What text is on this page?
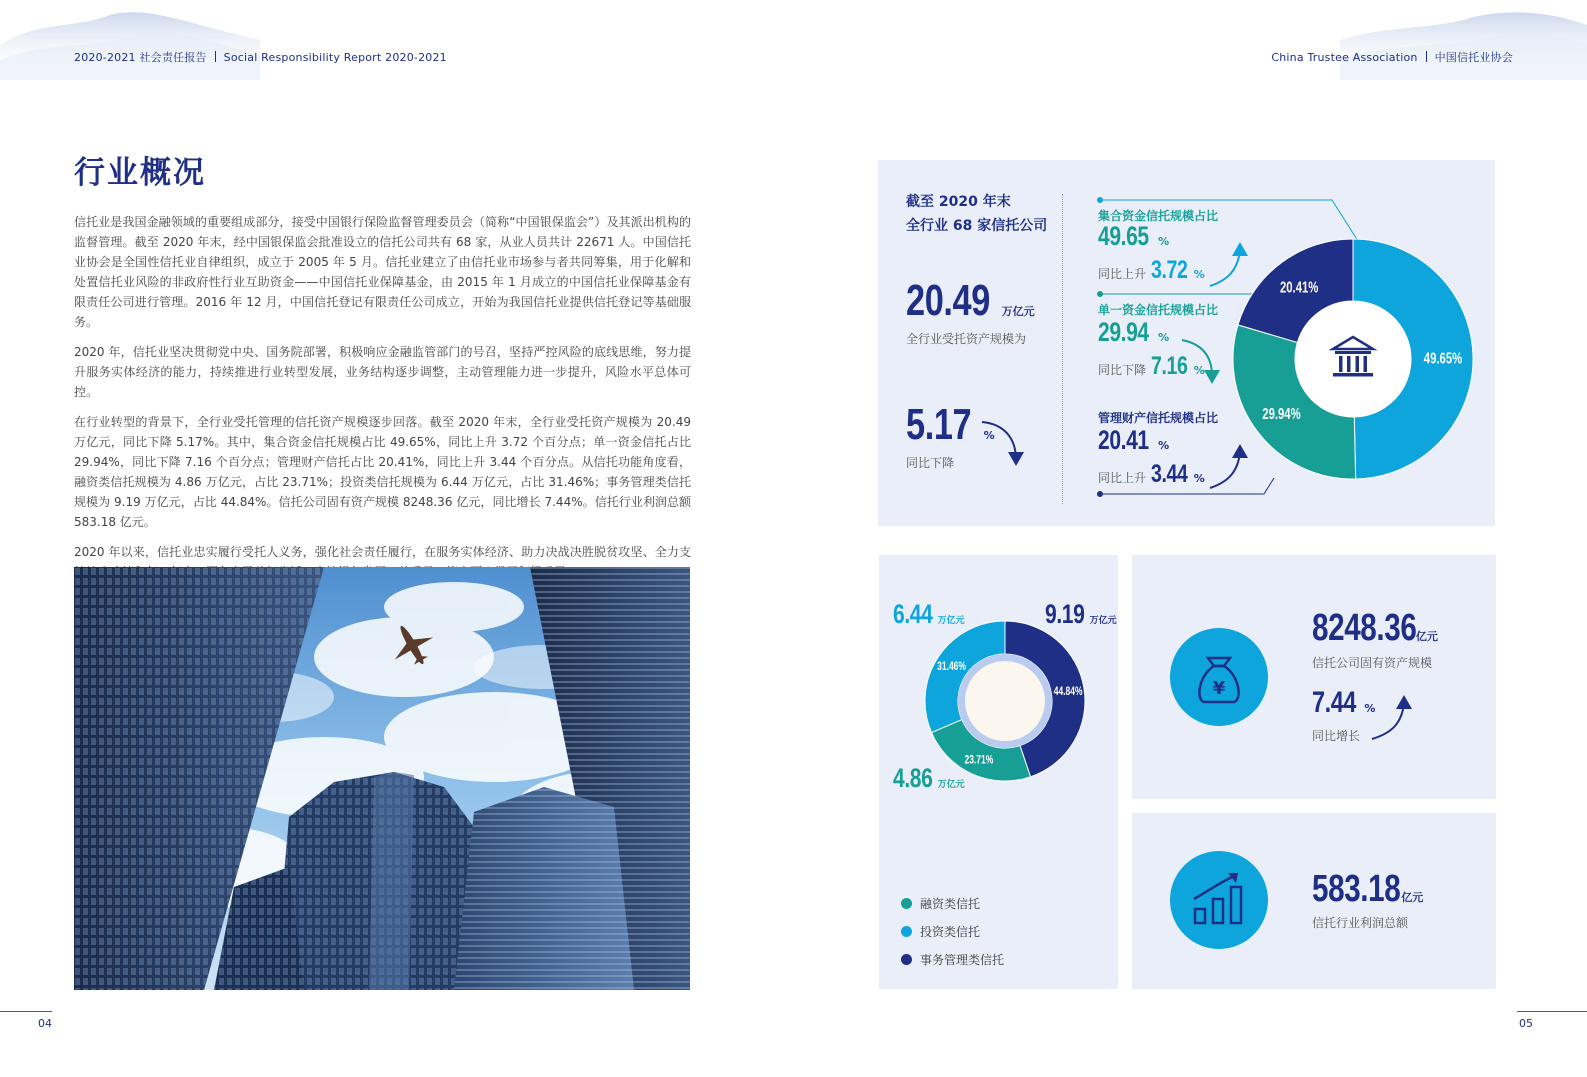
2020-2021 社会责任报告 Social Responsibility Report 2020-2021	China Trustee Association 中国信托业协会
行业概况

信托业是我国金融领域的重要组成部分，接受中国银行保险监督管理委员会（简称“中国银保监会”）及其派出机构的监督管理。截至 2020 年末，经中国银保监会批准设立的信托公司共有 68 家，从业人员共计 22671 人。中国信托业协会是全国性信托业自律组织，成立于 2005 年 5 月。信托业建立了由信托业市场参与者共同筹集，用于化解和处置信托业风险的非政府性行业互助资金——中国信托业保障基金，由 2015 年 1 月成立的中国信托业保障基金有限责任公司进行管理。2016 年 12 月，中国信托登记有限责任公司成立，开始为我国信托业提供信托登记等基础服务。

2020 年，信托业坚决贯彻党中央、国务院部署，积极响应金融监管部门的号召，坚持严控风险的底线思维，努力提升服务实体经济的能力，持续推进行业转型发展，业务结构逐步调整，主动管理能力进一步提升，风险水平总体可控。

在行业转型的背景下，全行业受托管理的信托资产规模逐步回落。截至 2020 年末，全行业受托资产规模为 20.49 万亿元，同比下降 5.17%。其中，集合资金信托规模占比 49.65%，同比上升 3.72 个百分点；单一资金信托占比 29.94%，同比下降 7.16 个百分点；管理财产信托占比 20.41%，同比上升 3.44 个百分点。从信托功能角度看，融资类信托规模为 4.86 万亿元，占比 23.71%；投资类信托规模为 6.44 万亿元，占比 31.46%；事务管理类信托规模为 9.19 万亿元，占比 44.84%。信托公司固有资产规模 8248.36 亿元，同比增长 7.44%。信托行业利润总额 583.18 亿元。

2020 年以来，信托业忠实履行受托人义务，强化社会责任履行，在服务实体经济、助力决战决胜脱贫攻坚、全力支

截至 2020 年末
全行业 68 家信托公司
20.49 万亿元
全行业受托资产规模为
5.17 %
同比下降
集合资金信托规模占比
49.65 %
同比上升 3.72 %
单一资金信托规模占比
29.94 %
同比下降 7.16 %
管理财产信托规模占比
20.41 %
同比上升 3.44 %
49.65%
29.94%
20.41%
6.44 万亿元	9.19 万亿元
4.86 万亿元
44.84%
23.71%
31.46%
融资类信托
投资类信托
事务管理类信托
¥
8248.36亿元
信托公司固有资产规模
7.44 %
同比增长
583.18亿元
信托行业利润总额
04	05
